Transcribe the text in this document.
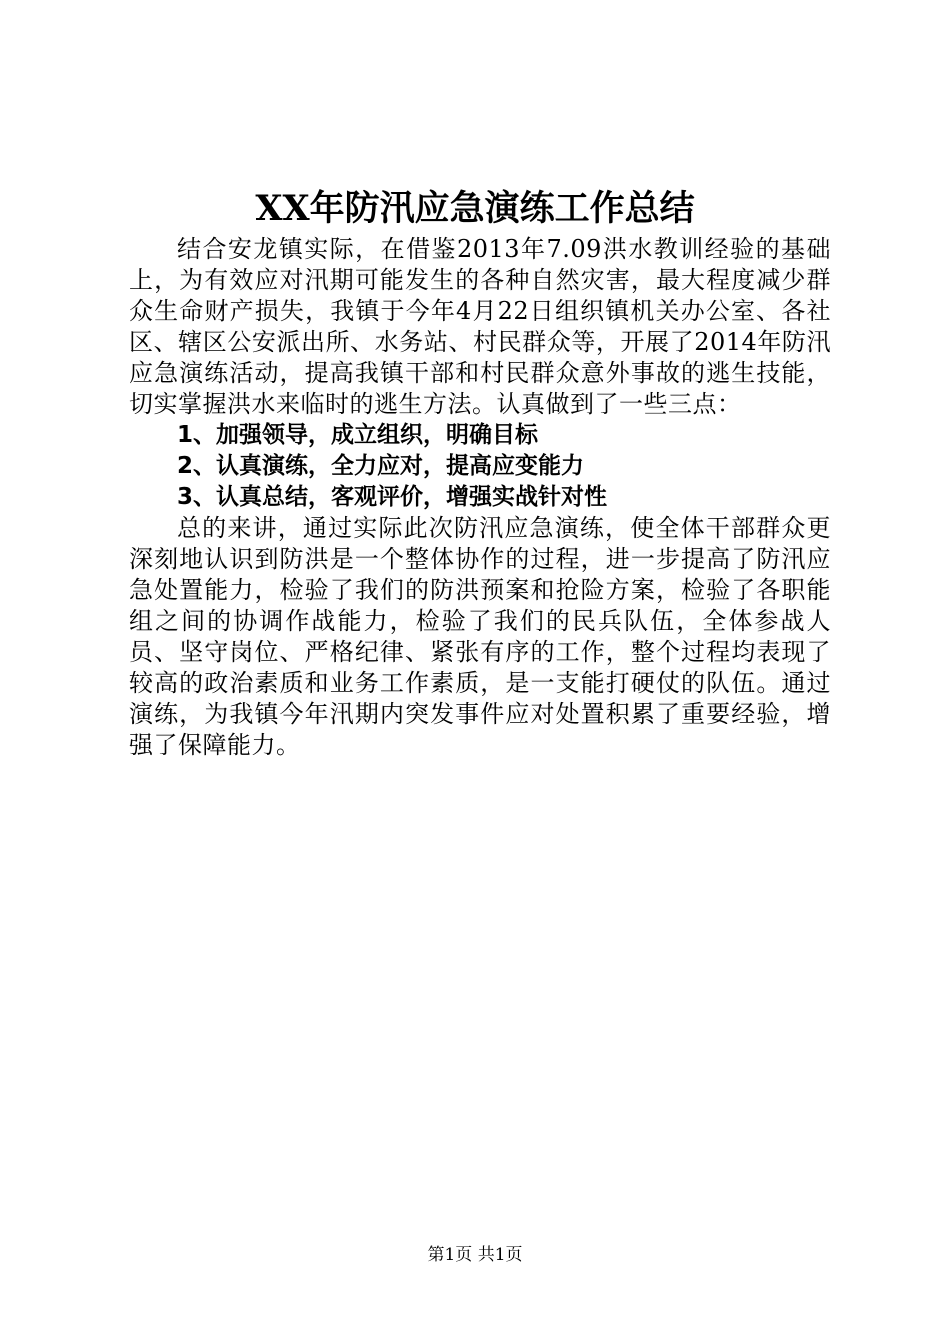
XX年防汛应急演练工作总结

结合安龙镇实际，在借鉴2013年7.09洪水教训经验的基础上，为有效应对汛期可能发生的各种自然灾害，最大程度减少群众生命财产损失，我镇于今年4月22日组织镇机关办公室、各社区、辖区公安派出所、水务站、村民群众等，开展了2014年防汛应急演练活动，提高我镇干部和村民群众意外事故的逃生技能，切实掌握洪水来临时的逃生方法。认真做到了一些三点：

1、加强领导，成立组织，明确目标
2、认真演练，全力应对，提高应变能力
3、认真总结，客观评价，增强实战针对性

总的来讲，通过实际此次防汛应急演练，使全体干部群众更深刻地认识到防洪是一个整体协作的过程，进一步提高了防汛应急处置能力，检验了我们的防洪预案和抢险方案，检验了各职能组之间的协调作战能力，检验了我们的民兵队伍，全体参战人员、坚守岗位、严格纪律、紧张有序的工作，整个过程均表现了较高的政治素质和业务工作素质，是一支能打硬仗的队伍。通过演练，为我镇今年汛期内突发事件应对处置积累了重要经验，增强了保障能力。

第1页 共1页
